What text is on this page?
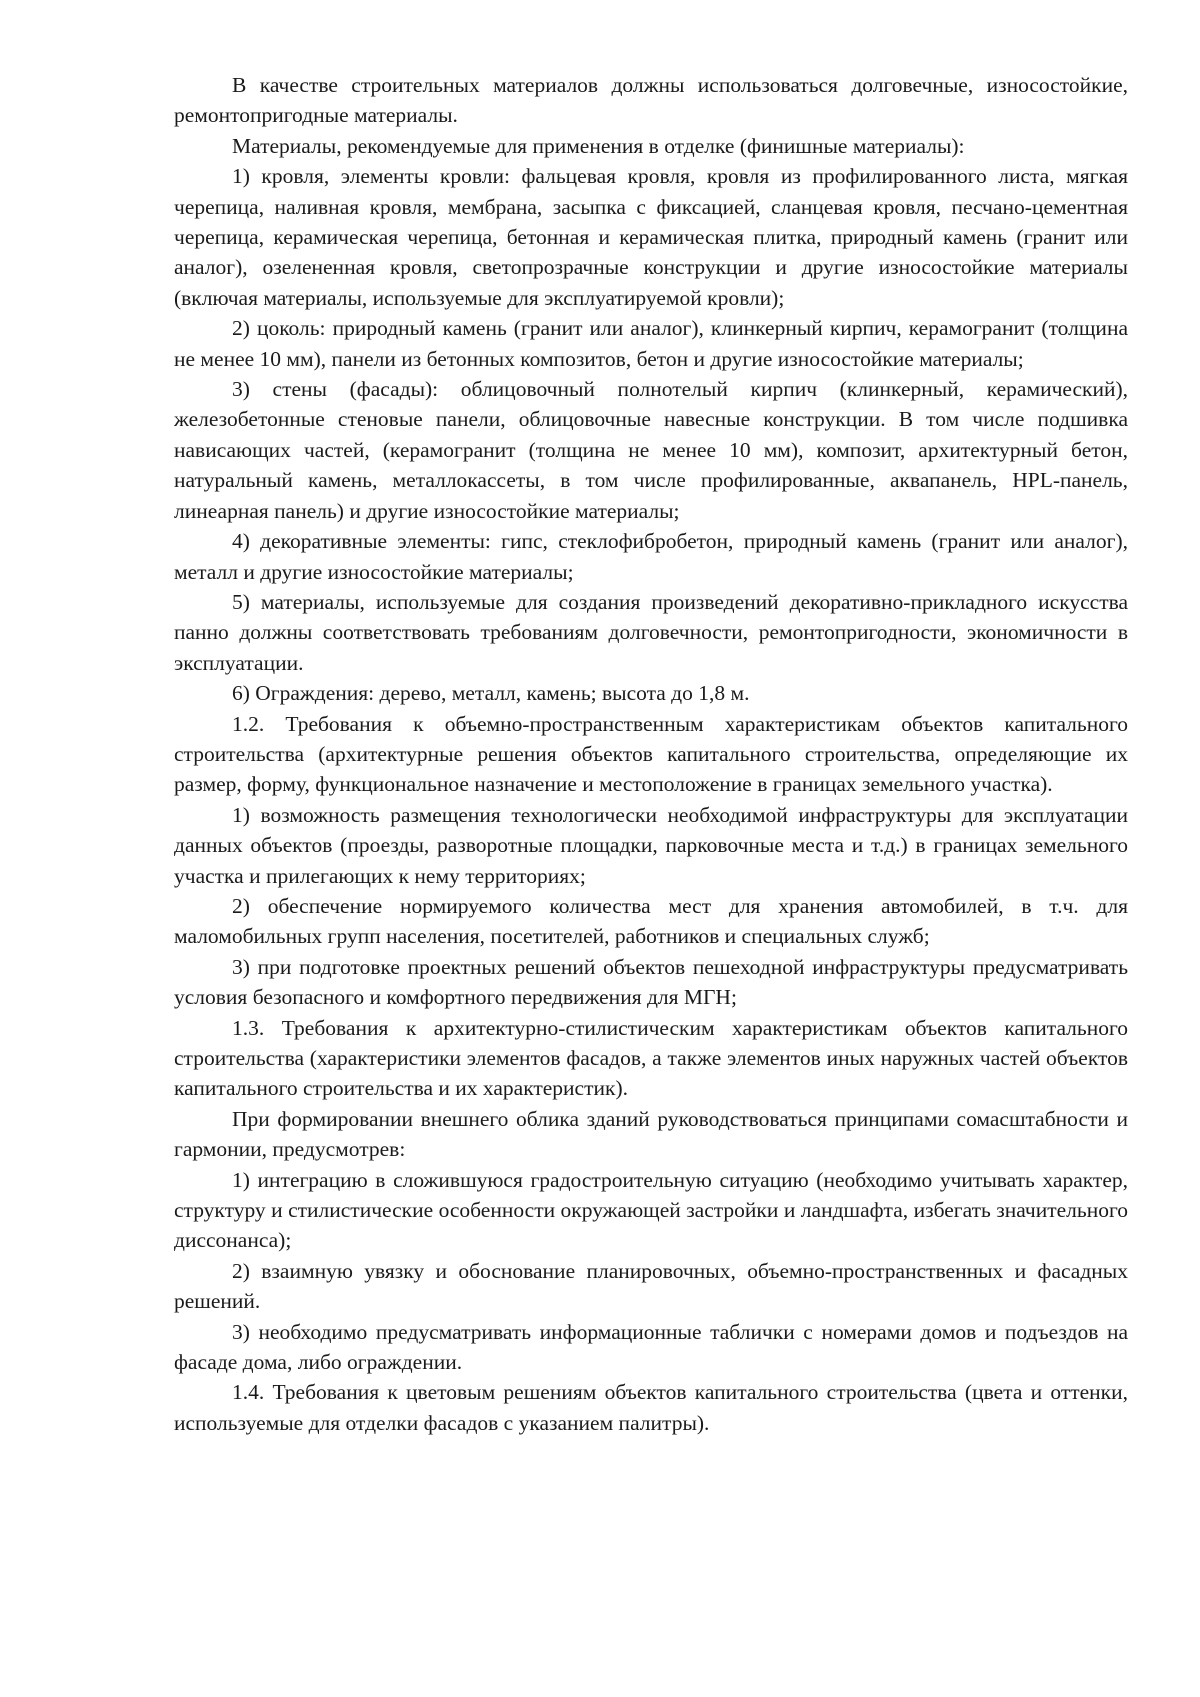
В качестве строительных материалов должны использоваться долговечные, износостойкие, ремонтопригодные материалы.

Материалы, рекомендуемые для применения в отделке (финишные материалы):

1) кровля, элементы кровли: фальцевая кровля, кровля из профилированного листа, мягкая черепица, наливная кровля, мембрана, засыпка с фиксацией, сланцевая кровля, песчано-цементная черепица, керамическая черепица, бетонная и керамическая плитка, природный камень (гранит или аналог), озелененная кровля, светопрозрачные конструкции и другие износостойкие материалы (включая материалы, используемые для эксплуатируемой кровли);

2) цоколь: природный камень (гранит или аналог), клинкерный кирпич, керамогранит (толщина не менее 10 мм), панели из бетонных композитов, бетон и другие износостойкие материалы;

3) стены (фасады): облицовочный полнотелый кирпич (клинкерный, керамический), железобетонные стеновые панели, облицовочные навесные конструкции. В том числе подшивка нависающих частей, (керамогранит (толщина не менее 10 мм), композит, архитектурный бетон, натуральный камень, металлокассеты, в том числе профилированные, аквапанель, HPL-панель, линеарная панель) и другие износостойкие материалы;

4) декоративные элементы: гипс, стеклофибробетон, природный камень (гранит или аналог), металл и другие износостойкие материалы;

5) материалы, используемые для создания произведений декоративно-прикладного искусства панно должны соответствовать требованиям долговечности, ремонтопригодности, экономичности в эксплуатации.

6) Ограждения: дерево, металл, камень; высота до 1,8 м.

1.2. Требования к объемно-пространственным характеристикам объектов капитального строительства (архитектурные решения объектов капитального строительства, определяющие их размер, форму, функциональное назначение и местоположение в границах земельного участка).

1) возможность размещения технологически необходимой инфраструктуры для эксплуатации данных объектов (проезды, разворотные площадки, парковочные места и т.д.) в границах земельного участка и прилегающих к нему территориях;

2) обеспечение нормируемого количества мест для хранения автомобилей, в т.ч. для маломобильных групп населения, посетителей, работников и специальных служб;

3) при подготовке проектных решений объектов пешеходной инфраструктуры предусматривать условия безопасного и комфортного передвижения для МГН;

1.3. Требования к архитектурно-стилистическим характеристикам объектов капитального строительства (характеристики элементов фасадов, а также элементов иных наружных частей объектов капитального строительства и их характеристик).

При формировании внешнего облика зданий руководствоваться принципами сомасштабности и гармонии, предусмотрев:

1) интеграцию в сложившуюся градостроительную ситуацию (необходимо учитывать характер, структуру и стилистические особенности окружающей застройки и ландшафта, избегать значительного диссонанса);

2) взаимную увязку и обоснование планировочных, объемно-пространственных и фасадных решений.

3) необходимо предусматривать информационные таблички с номерами домов и подъездов на фасаде дома, либо ограждении.

1.4. Требования к цветовым решениям объектов капитального строительства (цвета и оттенки, используемые для отделки фасадов с указанием палитры).
